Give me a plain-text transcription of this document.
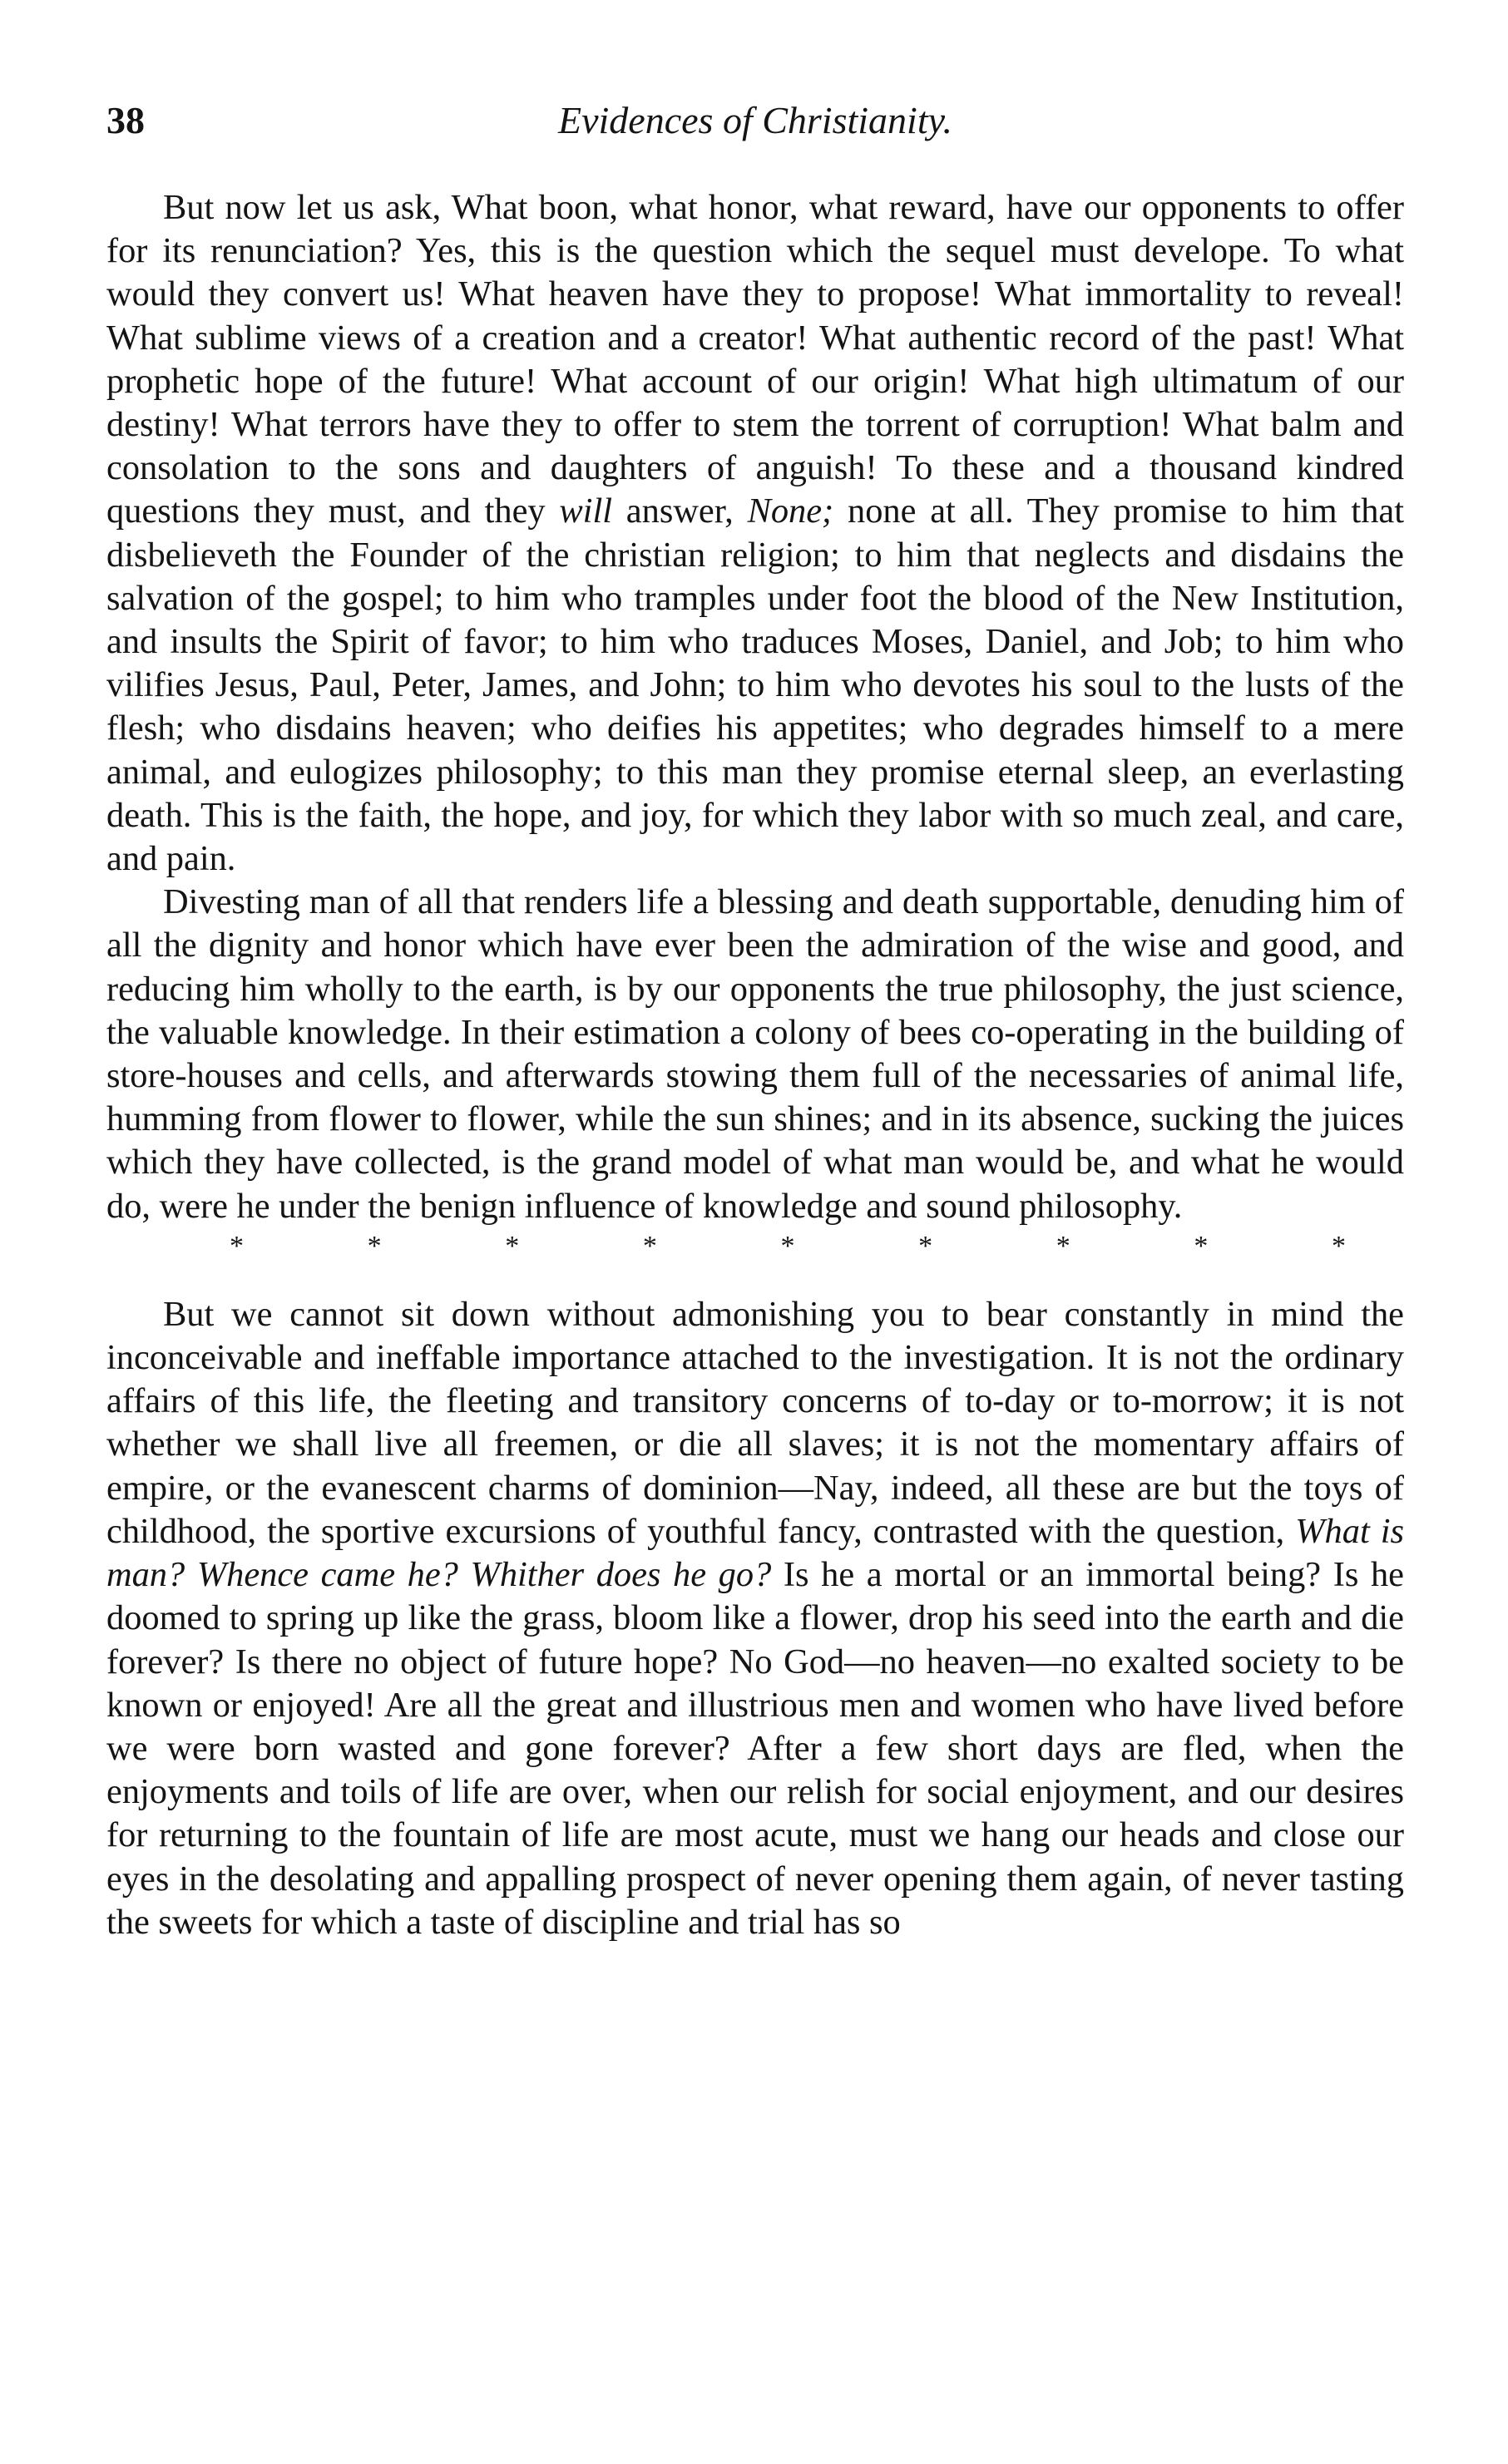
38	Evidences of Christianity.

But now let us ask, What boon, what honor, what reward, have our opponents to offer for its renunciation? Yes, this is the question which the sequel must develope. To what would they convert us! What heaven have they to propose! What immortality to reveal! What sublime views of a creation and a creator! What authentic record of the past! What prophetic hope of the future! What account of our origin! What high ultimatum of our destiny! What terrors have they to offer to stem the torrent of corruption! What balm and consolation to the sons and daughters of anguish! To these and a thousand kindred questions they must, and they will answer, None; none at all. They promise to him that disbelieveth the Founder of the christian religion; to him that neglects and disdains the salvation of the gospel; to him who tramples under foot the blood of the New Institution, and insults the Spirit of favor; to him who traduces Moses, Daniel, and Job; to him who vilifies Jesus, Paul, Peter, James, and John; to him who devotes his soul to the lusts of the flesh; who disdains heaven; who deifies his appetites; who degrades himself to a mere animal, and eulogizes philosophy; to this man they promise eternal sleep, an everlasting death. This is the faith, the hope, and joy, for which they labor with so much zeal, and care, and pain.

Divesting man of all that renders life a blessing and death supportable, denuding him of all the dignity and honor which have ever been the admiration of the wise and good, and reducing him wholly to the earth, is by our opponents the true philosophy, the just science, the valuable knowledge. In their estimation a colony of bees co-operating in the building of store-houses and cells, and afterwards stowing them full of the necessaries of animal life, humming from flower to flower, while the sun shines; and in its absence, sucking the juices which they have collected, is the grand model of what man would be, and what he would do, were he under the benign influence of knowledge and sound philosophy.

*	*	*	*	*	*	*	*	*

But we cannot sit down without admonishing you to bear constantly in mind the inconceivable and ineffable importance attached to the investigation. It is not the ordinary affairs of this life, the fleeting and transitory concerns of to-day or to-morrow; it is not whether we shall live all freemen, or die all slaves; it is not the momentary affairs of empire, or the evanescent charms of dominion—Nay, indeed, all these are but the toys of childhood, the sportive excursions of youthful fancy, contrasted with the question, What is man? Whence came he? Whither does he go? Is he a mortal or an immortal being? Is he doomed to spring up like the grass, bloom like a flower, drop his seed into the earth and die forever? Is there no object of future hope? No God—no heaven—no exalted society to be known or enjoyed! Are all the great and illustrious men and women who have lived before we were born wasted and gone forever? After a few short days are fled, when the enjoyments and toils of life are over, when our relish for social enjoyment, and our desires for returning to the fountain of life are most acute, must we hang our heads and close our eyes in the desolating and appalling prospect of never opening them again, of never tasting the sweets for which a taste of discipline and trial has so
